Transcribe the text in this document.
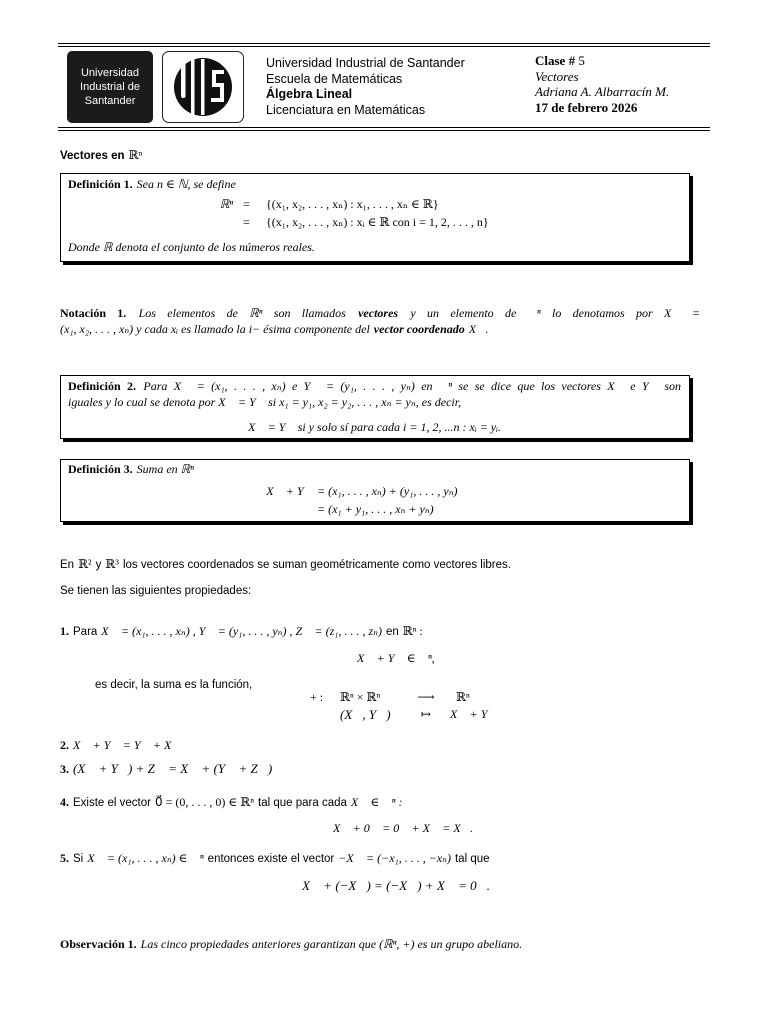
Universidad
Industrial de
Santander
Universidad Industrial de Santander
Escuela de Matemáticas
Álgebra Lineal
Licenciatura en Matemáticas
Clase # 5
Vectores
Adriana A. Albarracín M.
17 de febrero 2026
Vectores en ℝⁿ
Definición 1. Sea n ∈ ℕ, se define
ℝⁿ = {(x₁, x₂, . . . , xₙ) : x₁, . . . , xₙ ∈ ℝ}
= {(x₁, x₂, . . . , xₙ) : xᵢ ∈ ℝ con i = 1, 2, . . . , n}
Donde ℝ denota el conjunto de los números reales.
Notación 1. Los elementos de ℝⁿ son llamados vectores y un elemento de ℝⁿ lo denotamos por X⃗ =
(x₁, x₂, . . . , xₙ) y cada xᵢ es llamado la i− ésima componente del vector coordenado X⃗.
Definición 2. Para X⃗ = (x₁, . . . , xₙ) e Y⃗ = (y₁, . . . , yₙ) en ℝⁿ se se dice que los vectores X⃗ e Y⃗ son
iguales y lo cual se denota por X⃗ = Y⃗ si x₁ = y₁, x₂ = y₂, . . . , xₙ = yₙ, es decir,
X⃗ = Y⃗ si y solo sí para cada i = 1, 2, ...n : xᵢ = yᵢ.
Definición 3. Suma en ℝⁿ
X⃗ + Y⃗ = (x₁, . . . , xₙ) + (y₁, . . . , yₙ)
= (x₁ + y₁, . . . , xₙ + yₙ)
En ℝ² y ℝ³ los vectores coordenados se suman geométricamente como vectores libres.
Se tienen las siguientes propiedades:
1. Para X⃗ = (x₁, . . . , xₙ) , Y⃗ = (y₁, . . . , yₙ) , Z⃗ = (z₁, . . . , zₙ) en ℝⁿ :
X⃗ + Y⃗ ∈ ℝⁿ,
es decir, la suma es la función,
+ :	ℝⁿ × ℝⁿ	⟶	ℝⁿ
(X⃗, Y⃗)	↦	X⃗ + Y⃗
2. X⃗ + Y⃗ = Y⃗ + X⃗
3. (X⃗ + Y⃗) + Z⃗ = X⃗ + (Y⃗ + Z⃗)
4. Existe el vector 0⃗ = (0, . . . , 0) ∈ ℝⁿ tal que para cada X⃗ ∈ ℝⁿ :
X⃗ + 0⃗ = 0⃗ + X⃗ = X⃗.
5. Si X⃗ = (x₁, . . . , xₙ) ∈ ℝⁿ entonces existe el vector −X⃗ = (−x₁, . . . , −xₙ) tal que
X⃗ + (−X⃗) = (−X⃗) + X⃗ = 0⃗.
Observación 1. Las cinco propiedades anteriores garantizan que (ℝⁿ, +) es un grupo abeliano.
